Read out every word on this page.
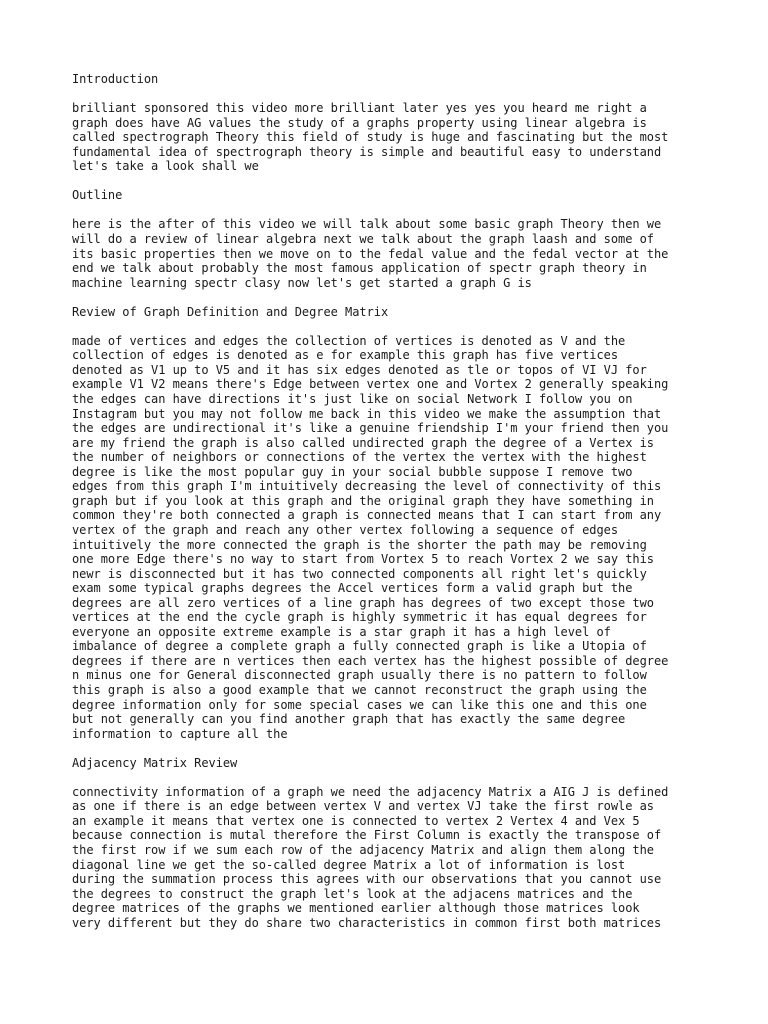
Introduction

brilliant sponsored this video more brilliant later yes yes you heard me right a
graph does have AG values the study of a graphs property using linear algebra is
called spectrograph Theory this field of study is huge and fascinating but the most
fundamental idea of spectrograph theory is simple and beautiful easy to understand
let's take a look shall we

Outline

here is the after of this video we will talk about some basic graph Theory then we
will do a review of linear algebra next we talk about the graph laash and some of
its basic properties then we move on to the fedal value and the fedal vector at the
end we talk about probably the most famous application of spectr graph theory in
machine learning spectr clasy now let's get started a graph G is

Review of Graph Definition and Degree Matrix

made of vertices and edges the collection of vertices is denoted as V and the
collection of edges is denoted as e for example this graph has five vertices
denoted as V1 up to V5 and it has six edges denoted as tle or topos of VI VJ for
example V1 V2 means there's Edge between vertex one and Vortex 2 generally speaking
the edges can have directions it's just like on social Network I follow you on
Instagram but you may not follow me back in this video we make the assumption that
the edges are undirectional it's like a genuine friendship I'm your friend then you
are my friend the graph is also called undirected graph the degree of a Vertex is
the number of neighbors or connections of the vertex the vertex with the highest
degree is like the most popular guy in your social bubble suppose I remove two
edges from this graph I'm intuitively decreasing the level of connectivity of this
graph but if you look at this graph and the original graph they have something in
common they're both connected a graph is connected means that I can start from any
vertex of the graph and reach any other vertex following a sequence of edges
intuitively the more connected the graph is the shorter the path may be removing
one more Edge there's no way to start from Vortex 5 to reach Vortex 2 we say this
newr is disconnected but it has two connected components all right let's quickly
exam some typical graphs degrees the Accel vertices form a valid graph but the
degrees are all zero vertices of a line graph has degrees of two except those two
vertices at the end the cycle graph is highly symmetric it has equal degrees for
everyone an opposite extreme example is a star graph it has a high level of
imbalance of degree a complete graph a fully connected graph is like a Utopia of
degrees if there are n vertices then each vertex has the highest possible of degree
n minus one for General disconnected graph usually there is no pattern to follow
this graph is also a good example that we cannot reconstruct the graph using the
degree information only for some special cases we can like this one and this one
but not generally can you find another graph that has exactly the same degree
information to capture all the

Adjacency Matrix Review

connectivity information of a graph we need the adjacency Matrix a AIG J is defined
as one if there is an edge between vertex V and vertex VJ take the first rowle as
an example it means that vertex one is connected to vertex 2 Vertex 4 and Vex 5
because connection is mutal therefore the First Column is exactly the transpose of
the first row if we sum each row of the adjacency Matrix and align them along the
diagonal line we get the so-called degree Matrix a lot of information is lost
during the summation process this agrees with our observations that you cannot use
the degrees to construct the graph let's look at the adjacens matrices and the
degree matrices of the graphs we mentioned earlier although those matrices look
very different but they do share two characteristics in common first both matrices
